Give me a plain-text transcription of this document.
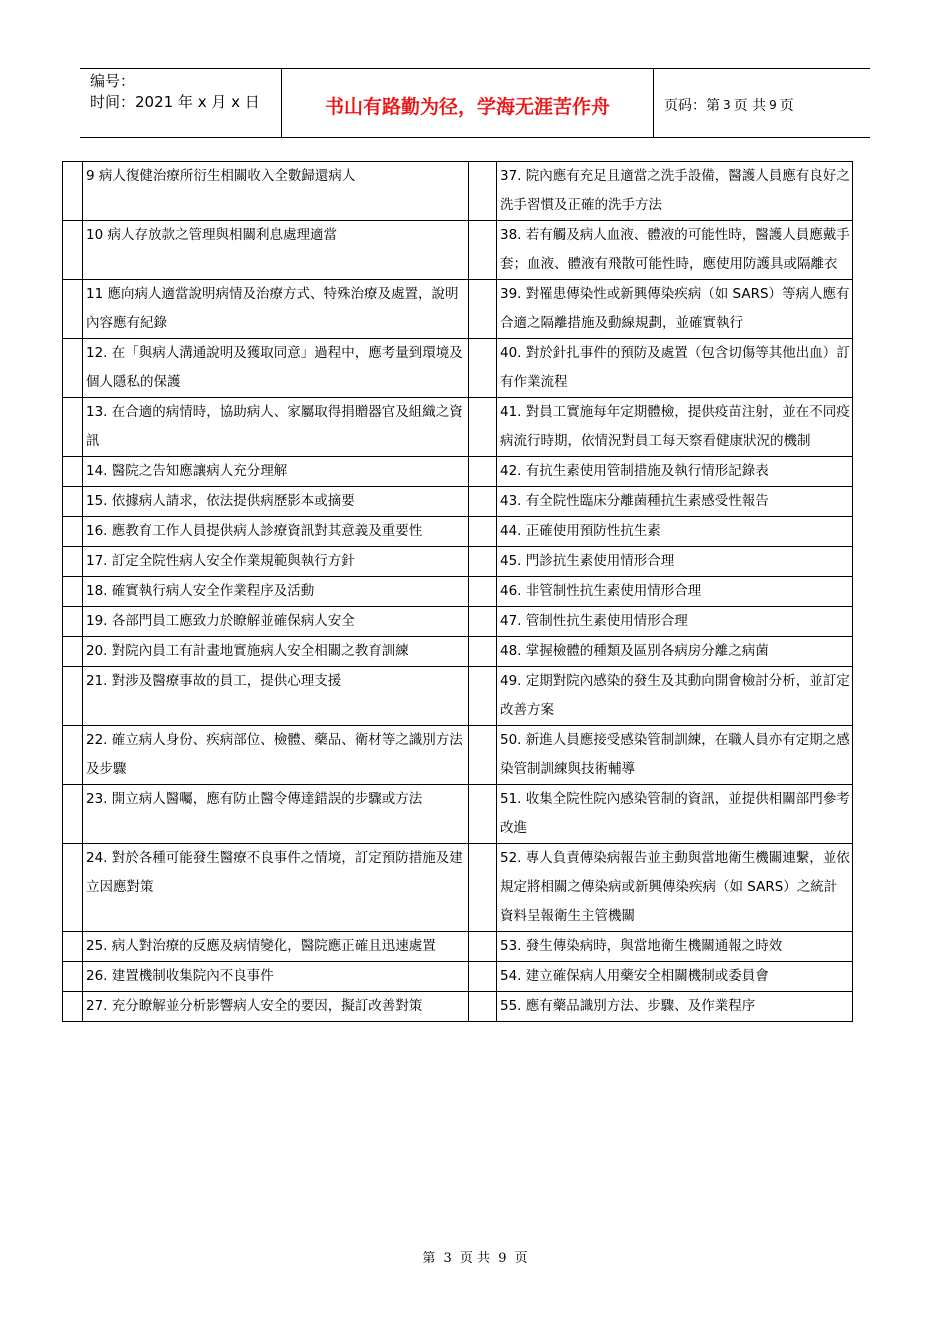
编号：
时间：2021 年 x 月 x 日	书山有路勤为径，学海无涯苦作舟	页码：第 3 页 共 9 页
	9 病人復健治療所衍生相關收入全數歸還病人		37. 院內應有充足且適當之洗手設備，醫護人員應有良好之洗手習慣及正確的洗手方法
	10 病人存放款之管理與相關利息處理適當		38. 若有觸及病人血液、體液的可能性時，醫護人員應戴手套；血液、體液有飛散可能性時，應使用防護具或隔離衣
	11 應向病人適當說明病情及治療方式、特殊治療及處置，說明內容應有紀錄		39. 對罹患傳染性或新興傳染疾病（如 SARS）等病人應有合適之隔離措施及動線規劃，並確實執行
	12. 在「與病人溝通說明及獲取同意」過程中，應考量到環境及個人隱私的保護		40. 對於針扎事件的預防及處置（包含切傷等其他出血）訂有作業流程
	13. 在合適的病情時，協助病人、家屬取得捐贈器官及組織之資訊		41. 對員工實施每年定期體檢，提供疫苗注射，並在不同疫病流行時期，依情況對員工每天察看健康狀況的機制
	14. 醫院之告知應讓病人充分理解		42. 有抗生素使用管制措施及執行情形記錄表
	15. 依據病人請求，依法提供病歷影本或摘要		43. 有全院性臨床分離菌種抗生素感受性報告
	16. 應教育工作人員提供病人診療資訊對其意義及重要性		44. 正確使用預防性抗生素
	17. 訂定全院性病人安全作業規範與執行方針		45. 門診抗生素使用情形合理
	18. 確實執行病人安全作業程序及活動		46. 非管制性抗生素使用情形合理
	19. 各部門員工應致力於瞭解並確保病人安全		47. 管制性抗生素使用情形合理
	20. 對院內員工有計畫地實施病人安全相關之教育訓練		48. 掌握檢體的種類及區別各病房分離之病菌
	21. 對涉及醫療事故的員工，提供心理支援		49. 定期對院內感染的發生及其動向開會檢討分析，並訂定改善方案
	22. 確立病人身份、疾病部位、檢體、藥品、衛材等之識別方法及步驟		50. 新進人員應接受感染管制訓練，在職人員亦有定期之感染管制訓練與技術輔導
	23. 開立病人醫囑，應有防止醫令傳達錯誤的步驟或方法		51. 收集全院性院內感染管制的資訊，並提供相關部門參考改進
	24. 對於各種可能發生醫療不良事件之情境，訂定預防措施及建立因應對策		52. 專人負責傳染病報告並主動與當地衛生機關連繫，並依規定將相關之傳染病或新興傳染疾病（如 SARS）之統計資料呈報衛生主管機關
	25. 病人對治療的反應及病情變化，醫院應正確且迅速處置		53. 發生傳染病時，與當地衛生機關通報之時效
	26. 建置機制收集院內不良事件		54. 建立確保病人用藥安全相關機制或委員會
	27. 充分瞭解並分析影響病人安全的要因，擬訂改善對策		55. 應有藥品識別方法、步驟、及作業程序
第 3 页 共 9 页
